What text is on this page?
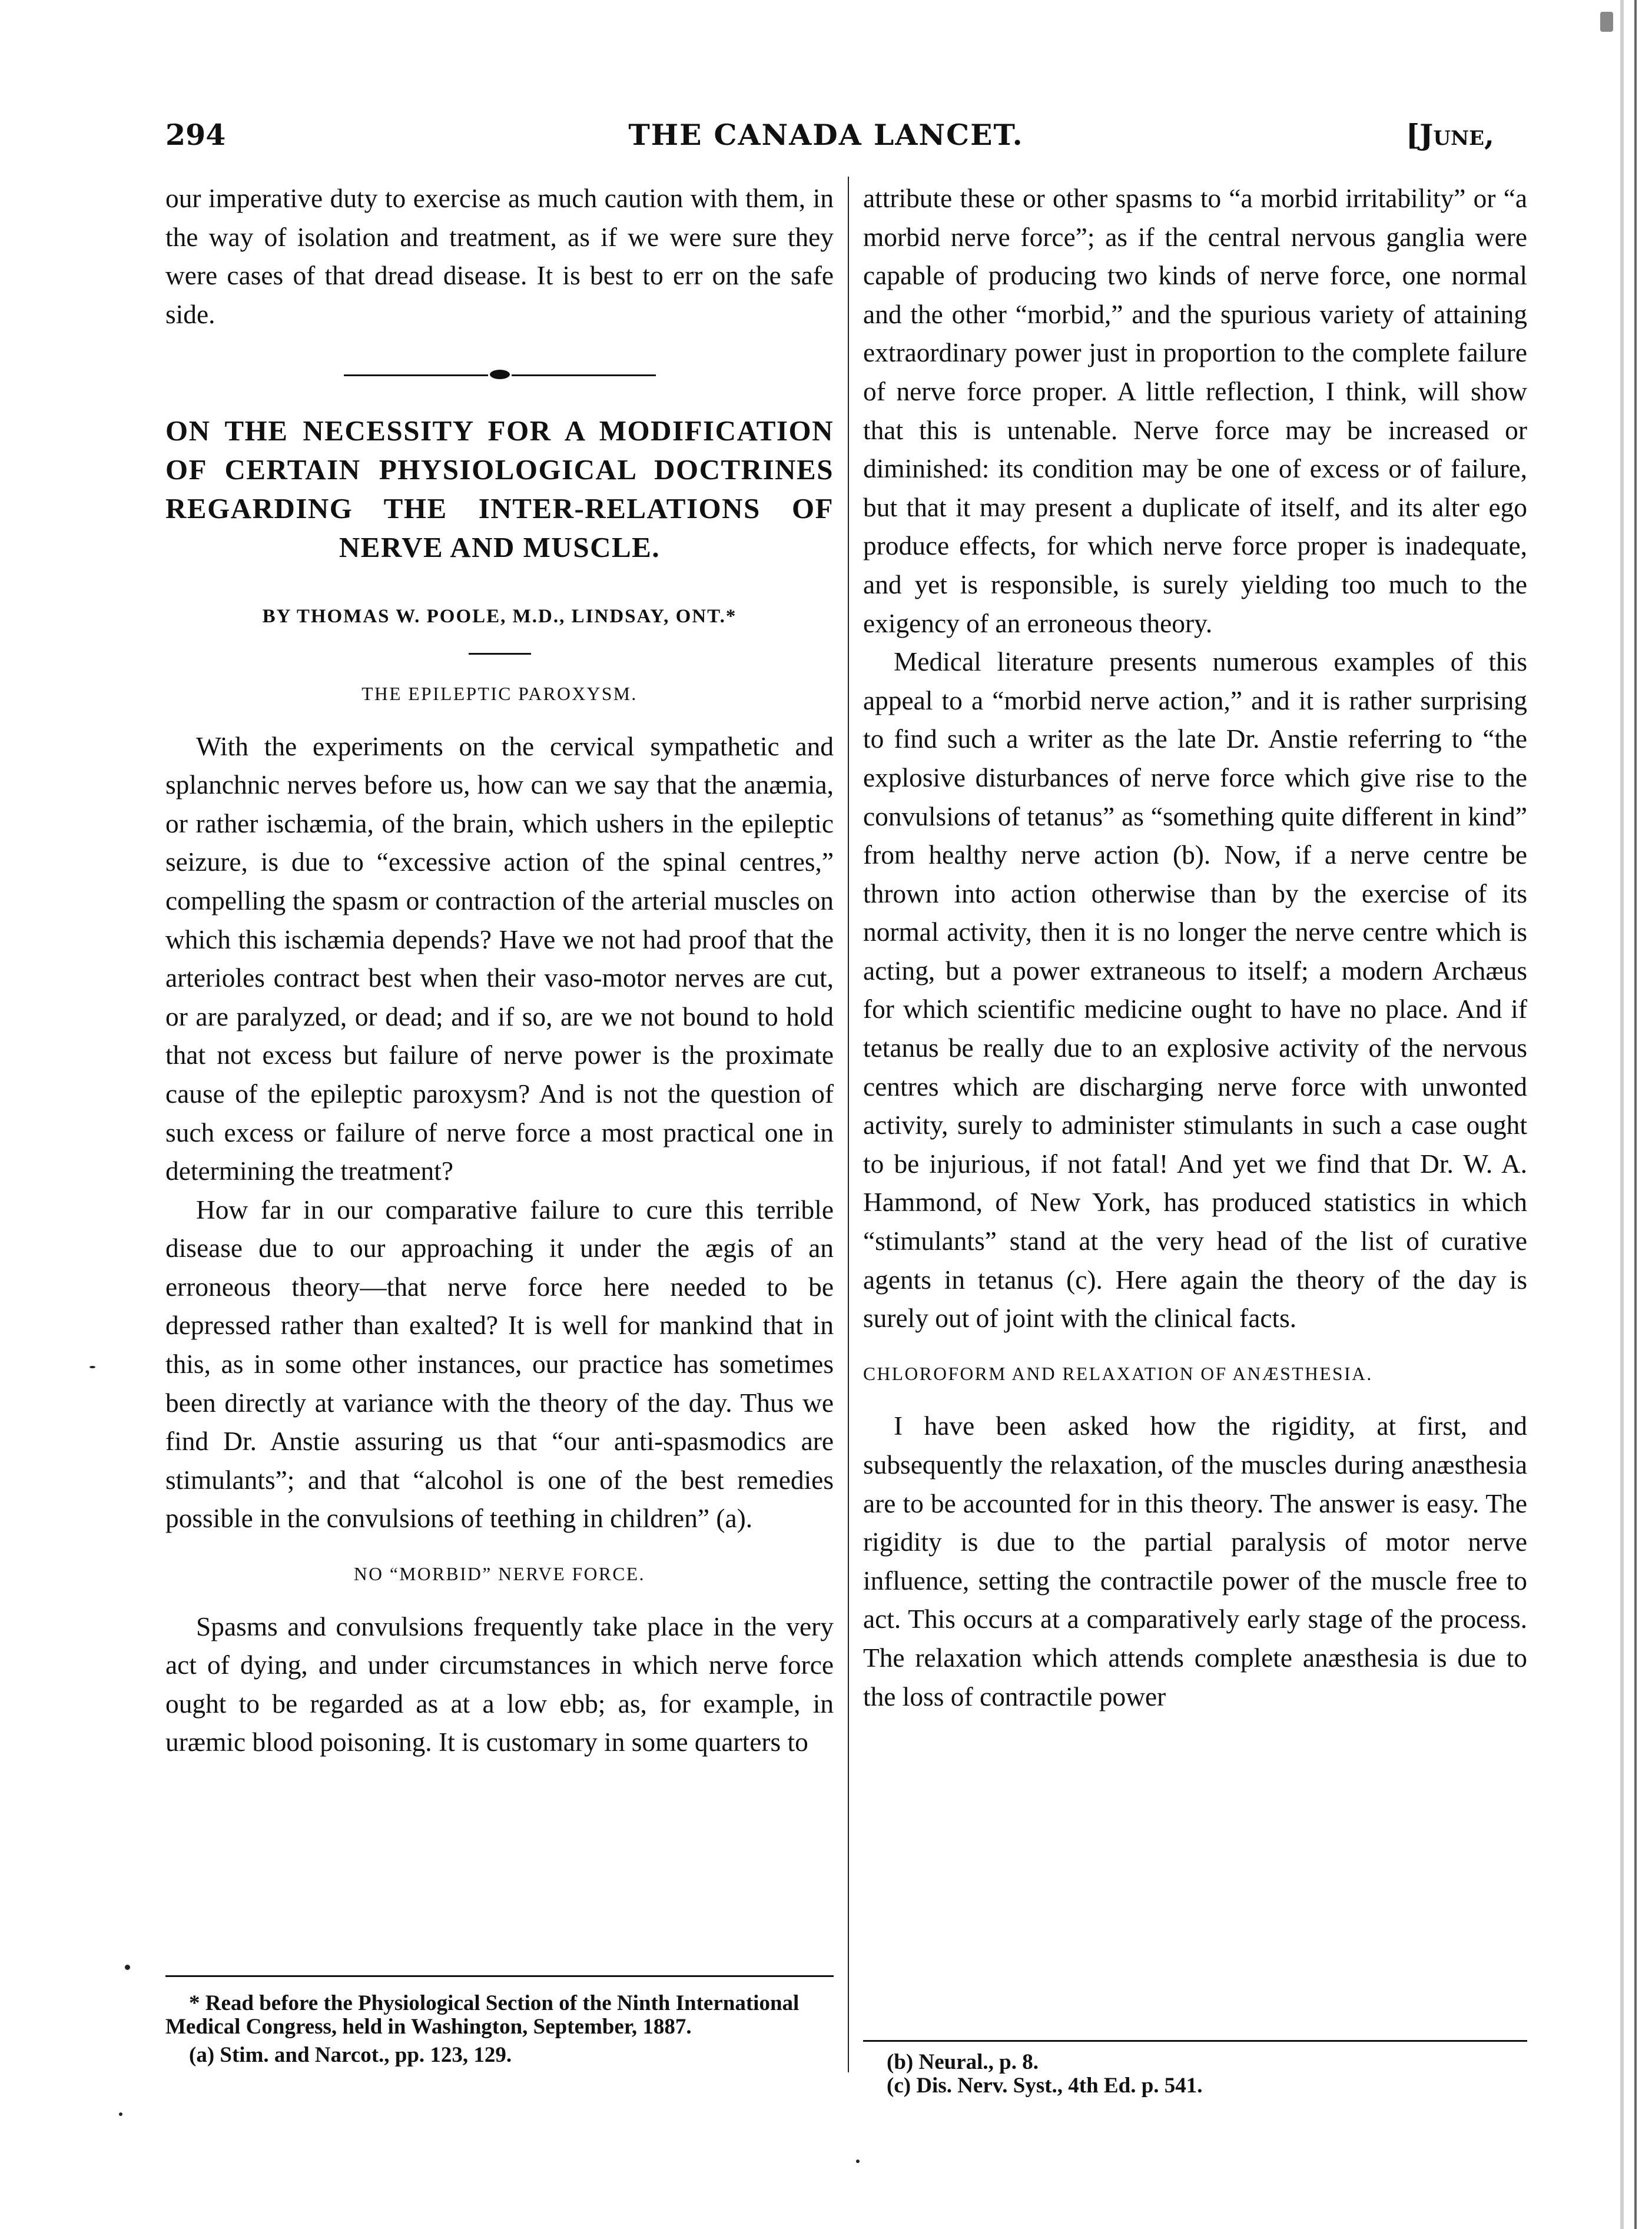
294	THE CANADA LANCET.	[June,

our imperative duty to exercise as much caution with them, in the way of isolation and treatment, as if we were sure they were cases of that dread disease. It is best to err on the safe side.

ON THE NECESSITY FOR A MODIFICATION OF CERTAIN PHYSIOLOGICAL DOCTRINES REGARDING THE INTER-RELATIONS OF NERVE AND MUSCLE.

BY THOMAS W. POOLE, M.D., LINDSAY, ONT.*

THE EPILEPTIC PAROXYSM.

With the experiments on the cervical sympathetic and splanchnic nerves before us, how can we say that the anæmia, or rather ischæmia, of the brain, which ushers in the epileptic seizure, is due to “excessive action of the spinal centres,” compelling the spasm or contraction of the arterial muscles on which this ischæmia depends? Have we not had proof that the arterioles contract best when their vaso-motor nerves are cut, or are paralyzed, or dead; and if so, are we not bound to hold that not excess but failure of nerve power is the proximate cause of the epileptic paroxysm? And is not the question of such excess or failure of nerve force a most practical one in determining the treatment?

How far in our comparative failure to cure this terrible disease due to our approaching it under the ægis of an erroneous theory—that nerve force here needed to be depressed rather than exalted? It is well for mankind that in this, as in some other instances, our practice has sometimes been directly at variance with the theory of the day. Thus we find Dr. Anstie assuring us that “our anti-spasmodics are stimulants”; and that “alcohol is one of the best remedies possible in the convulsions of teething in children” (a).

NO “MORBID” NERVE FORCE.

Spasms and convulsions frequently take place in the very act of dying, and under circumstances in which nerve force ought to be regarded as at a low ebb; as, for example, in uræmic blood poisoning. It is customary in some quarters to

attribute these or other spasms to “a morbid irritability” or “a morbid nerve force”; as if the central nervous ganglia were capable of producing two kinds of nerve force, one normal and the other “morbid,” and the spurious variety of attaining extraordinary power just in proportion to the complete failure of nerve force proper. A little reflection, I think, will show that this is untenable. Nerve force may be increased or diminished: its condition may be one of excess or of failure, but that it may present a duplicate of itself, and its alter ego produce effects, for which nerve force proper is inadequate, and yet is responsible, is surely yielding too much to the exigency of an erroneous theory.

Medical literature presents numerous examples of this appeal to a “morbid nerve action,” and it is rather surprising to find such a writer as the late Dr. Anstie referring to “the explosive disturbances of nerve force which give rise to the convulsions of tetanus” as “something quite different in kind” from healthy nerve action (b). Now, if a nerve centre be thrown into action otherwise than by the exercise of its normal activity, then it is no longer the nerve centre which is acting, but a power extraneous to itself; a modern Archæus for which scientific medicine ought to have no place. And if tetanus be really due to an explosive activity of the nervous centres which are discharging nerve force with unwonted activity, surely to administer stimulants in such a case ought to be injurious, if not fatal! And yet we find that Dr. W. A. Hammond, of New York, has produced statistics in which “stimulants” stand at the very head of the list of curative agents in tetanus (c). Here again the theory of the day is surely out of joint with the clinical facts.

CHLOROFORM AND RELAXATION OF ANÆSTHESIA.

I have been asked how the rigidity, at first, and subsequently the relaxation, of the muscles during anæsthesia are to be accounted for in this theory. The answer is easy. The rigidity is due to the partial paralysis of motor nerve influence, setting the contractile power of the muscle free to act. This occurs at a comparatively early stage of the process. The relaxation which attends complete anæsthesia is due to the loss of contractile power

* Read before the Physiological Section of the Ninth International Medical Congress, held in Washington, September, 1887.

(a) Stim. and Narcot., pp. 123, 129.	(b) Neural., p. 8.

(c) Dis. Nerv. Syst., 4th Ed. p. 541.
